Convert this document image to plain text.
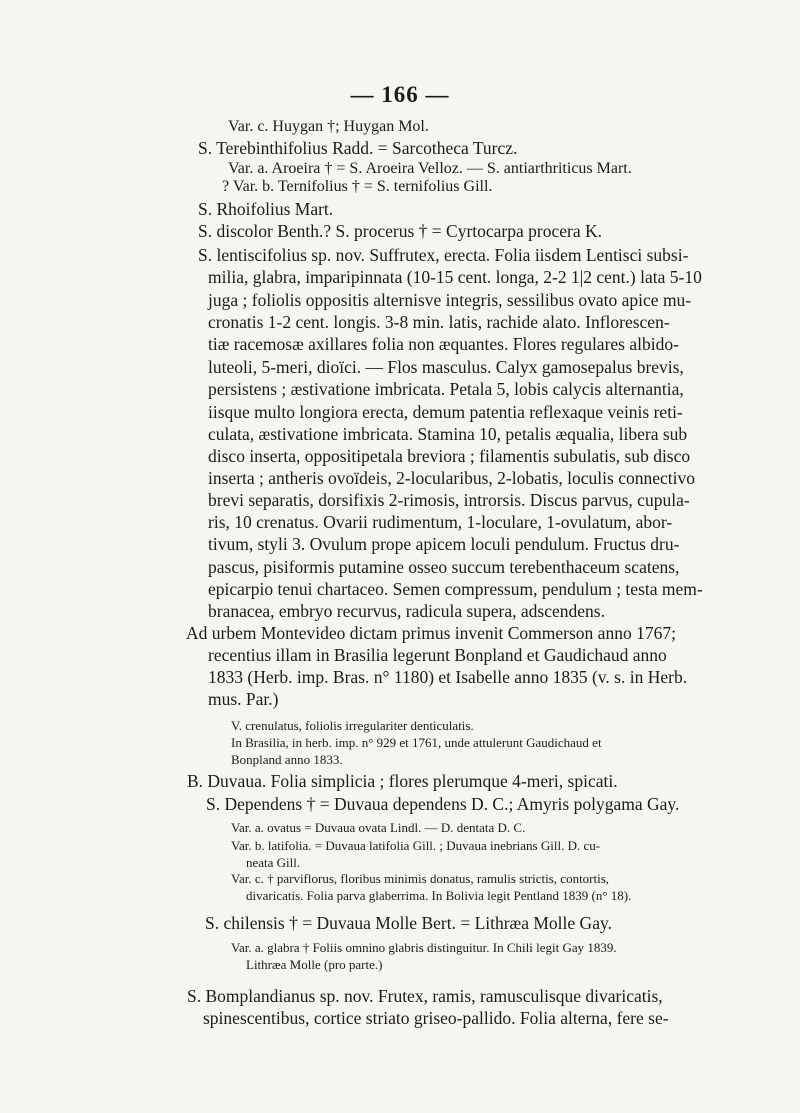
— 166 —
Var. c. Huygan †; Huygan Mol.
S. Terebinthifolius Radd. = Sarcotheca Turcz.
Var. a. Aroeira † = S. Aroeira Velloz. — S. antiarthriticus Mart.
? Var. b. Ternifolius † = S. ternifolius Gill.
S. Rhoifolius Mart.
S. discolor Benth.? S. procerus † = Cyrtocarpa procera K.
S. lentiscifolius sp. nov. Suffrutex, erecta. Folia iisdem Lentisci subsi-
milia, glabra, imparipinnata (10-15 cent. longa, 2-2 1|2 cent.) lata 5-10
juga ; foliolis oppositis alternisve integris, sessilibus ovato apice mu-
cronatis 1-2 cent. longis. 3-8 min. latis, rachide alato. Inflorescen-
tiæ racemosæ axillares folia non æquantes. Flores regulares albido-
luteoli, 5-meri, dioïci. — Flos masculus. Calyx gamosepalus brevis,
persistens ; æstivatione imbricata. Petala 5, lobis calycis alternantia,
iisque multo longiora erecta, demum patentia reflexaque veinis reti-
culata, æstivatione imbricata. Stamina 10, petalis æqualia, libera sub
disco inserta, oppositipetala breviora ; filamentis subulatis, sub disco
inserta ; antheris ovoïdeis, 2-locularibus, 2-lobatis, loculis connectivo
brevi separatis, dorsifixis 2-rimosis, introrsis. Discus parvus, cupula-
ris, 10 crenatus. Ovarii rudimentum, 1-loculare, 1-ovulatum, abor-
tivum, styli 3. Ovulum prope apicem loculi pendulum. Fructus dru-
pascus, pisiformis putamine osseo succum terebenthaceum scatens,
epicarpio tenui chartaceo. Semen compressum, pendulum ; testa mem-
branacea, embryo recurvus, radicula supera, adscendens.
Ad urbem Montevideo dictam primus invenit Commerson anno 1767;
recentius illam in Brasilia legerunt Bonpland et Gaudichaud anno
1833 (Herb. imp. Bras. n° 1180) et Isabelle anno 1835 (v. s. in Herb.
mus. Par.)
V. crenulatus, foliolis irregulariter denticulatis.
In Brasilia, in herb. imp. n° 929 et 1761, unde attulerunt Gaudichaud et
Bonpland anno 1833.
B. Duvaua. Folia simplicia ; flores plerumque 4-meri, spicati.
S. Dependens † = Duvaua dependens D. C.; Amyris polygama Gay.
Var. a. ovatus = Duvaua ovata Lindl. — D. dentata D. C.
Var. b. latifolia. = Duvaua latifolia Gill. ; Duvaua inebrians Gill. D. cu-
neata Gill.
Var. c. † parviflorus, floribus minimis donatus, ramulis strictis, contortis,
divaricatis. Folia parva glaberrima. In Bolivia legit Pentland 1839 (n° 18).
S. chilensis † = Duvaua Molle Bert. = Lithræa Molle Gay.
Var. a. glabra † Foliis omnino glabris distinguitur. In Chili legit Gay 1839.
Lithræa Molle (pro parte.)
S. Bomplandianus sp. nov. Frutex, ramis, ramusculisque divaricatis,
spinescentibus, cortice striato griseo-pallido. Folia alterna, fere se-
